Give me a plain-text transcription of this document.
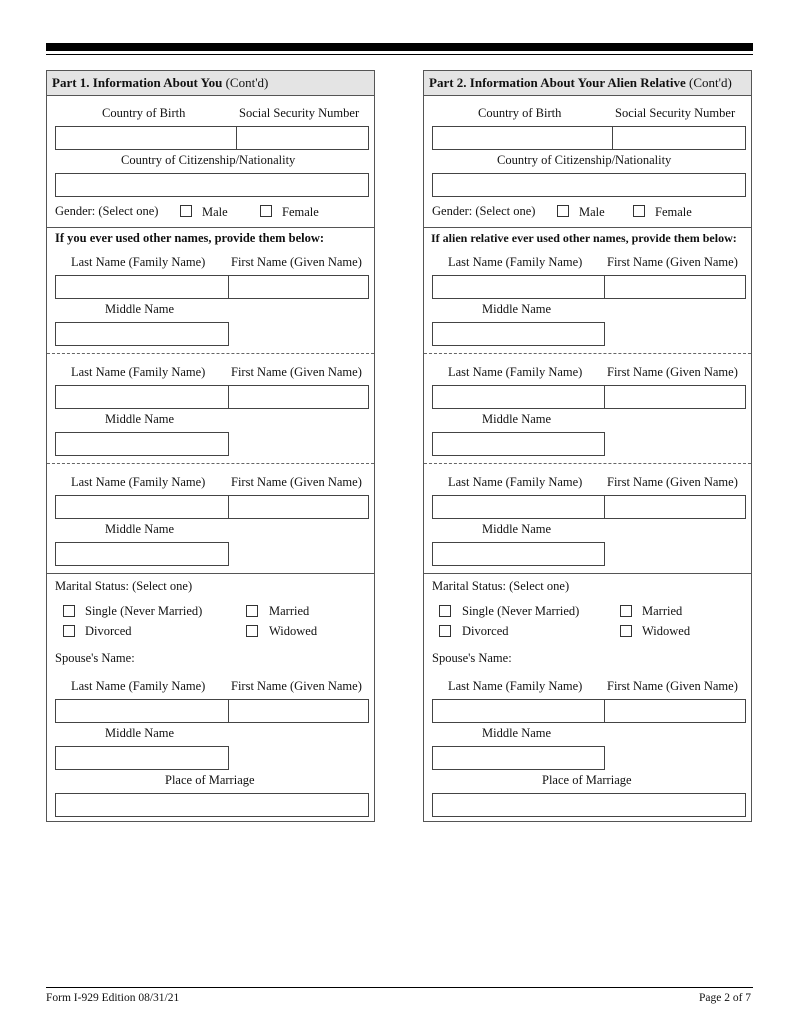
Part 1. Information About You (Cont'd)
Country of Birth	Social Security Number
Country of Citizenship/Nationality
Gender: (Select one)	Male	Female
If you ever used other names, provide them below:
Last Name (Family Name) First Name (Given Name)
Middle Name
Last Name (Family Name) First Name (Given Name)
Middle Name
Last Name (Family Name) First Name (Given Name)
Middle Name
Marital Status: (Select one)
Single (Never Married)	Married
Divorced	Widowed
Spouse's Name:
Last Name (Family Name) First Name (Given Name)
Middle Name
Place of Marriage
Part 2. Information About Your Alien Relative (Cont'd)
Country of Birth	Social Security Number
Country of Citizenship/Nationality
Gender: (Select one)	Male	Female
If alien relative ever used other names, provide them below:
Last Name (Family Name) First Name (Given Name)
Middle Name
Last Name (Family Name) First Name (Given Name)
Middle Name
Last Name (Family Name) First Name (Given Name)
Middle Name
Marital Status: (Select one)
Single (Never Married)	Married
Divorced	Widowed
Spouse's Name:
Last Name (Family Name) First Name (Given Name)
Middle Name
Place of Marriage
Form I-929 Edition 08/31/21	Page 2 of 7
